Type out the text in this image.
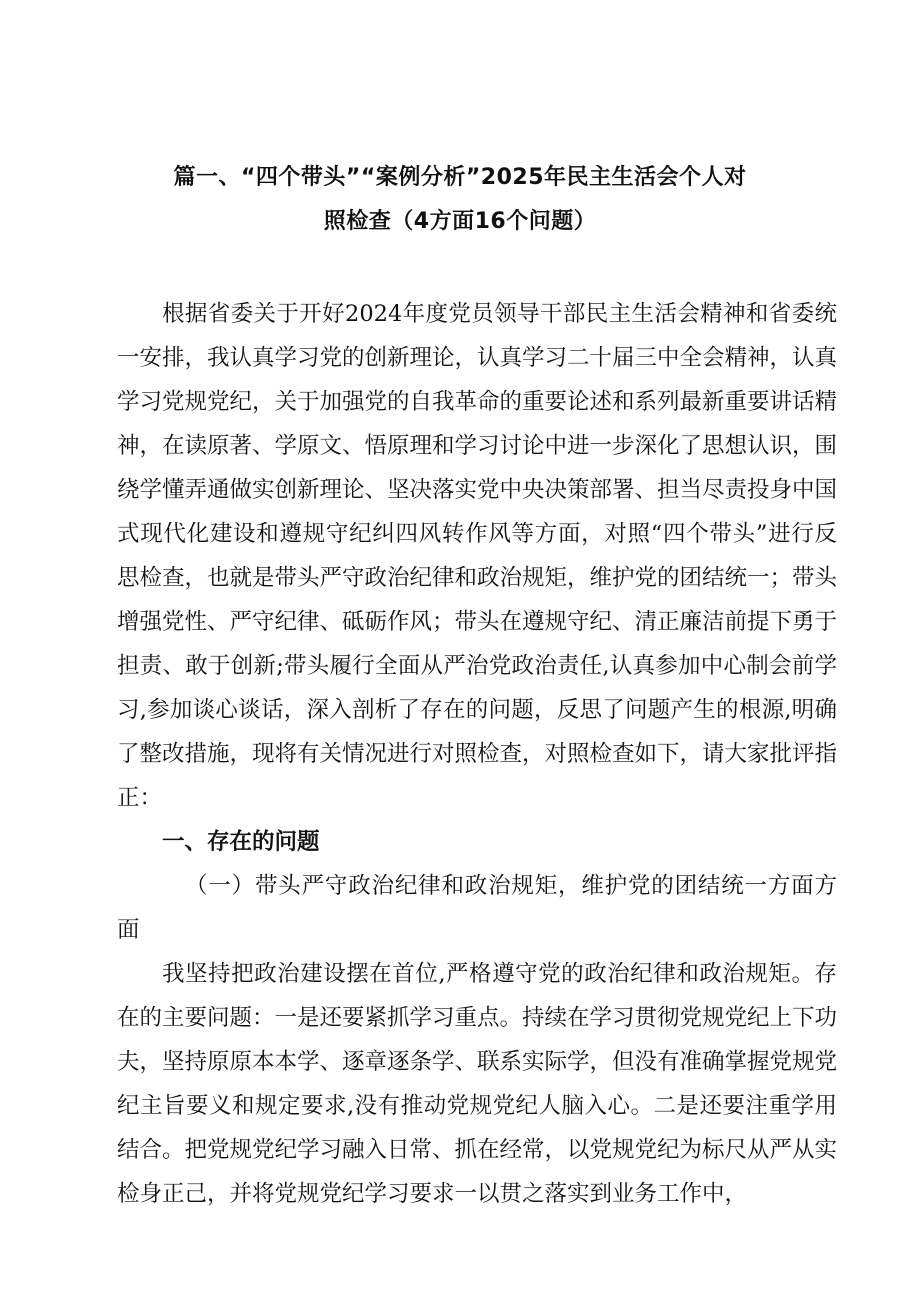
篇一、“四个带头”“案例分析”2025年民主生活会个人对
照检查（4方面16个问题）

根据省委关于开好2024年度党员领导干部民主生活会精神和省委统一安排，我认真学习党的创新理论，认真学习二十届三中全会精神，认真学习党规党纪，关于加强党的自我革命的重要论述和系列最新重要讲话精神，在读原著、学原文、悟原理和学习讨论中进一步深化了思想认识，围绕学懂弄通做实创新理论、坚决落实党中央决策部署、担当尽责投身中国式现代化建设和遵规守纪纠四风转作风等方面，对照“四个带头”进行反思检查，也就是带头严守政治纪律和政治规矩，维护党的团结统一；带头增强党性、严守纪律、砥砺作风；带头在遵规守纪、清正廉洁前提下勇于担责、敢于创新;带头履行全面从严治党政治责任,认真参加中心制会前学习,参加谈心谈话，深入剖析了存在的问题，反思了问题产生的根源,明确了整改措施，现将有关情况进行对照检查，对照检查如下，请大家批评指正：

一、存在的问题

（一）带头严守政治纪律和政治规矩，维护党的团结统一方面方面

我坚持把政治建设摆在首位,严格遵守党的政治纪律和政治规矩。存在的主要问题：一是还要紧抓学习重点。持续在学习贯彻党规党纪上下功夫，坚持原原本本学、逐章逐条学、联系实际学，但没有准确掌握党规党纪主旨要义和规定要求,没有推动党规党纪人脑入心。二是还要注重学用结合。把党规党纪学习融入日常、抓在经常，以党规党纪为标尺从严从实检身正己，并将党规党纪学习要求一以贯之落实到业务工作中，
